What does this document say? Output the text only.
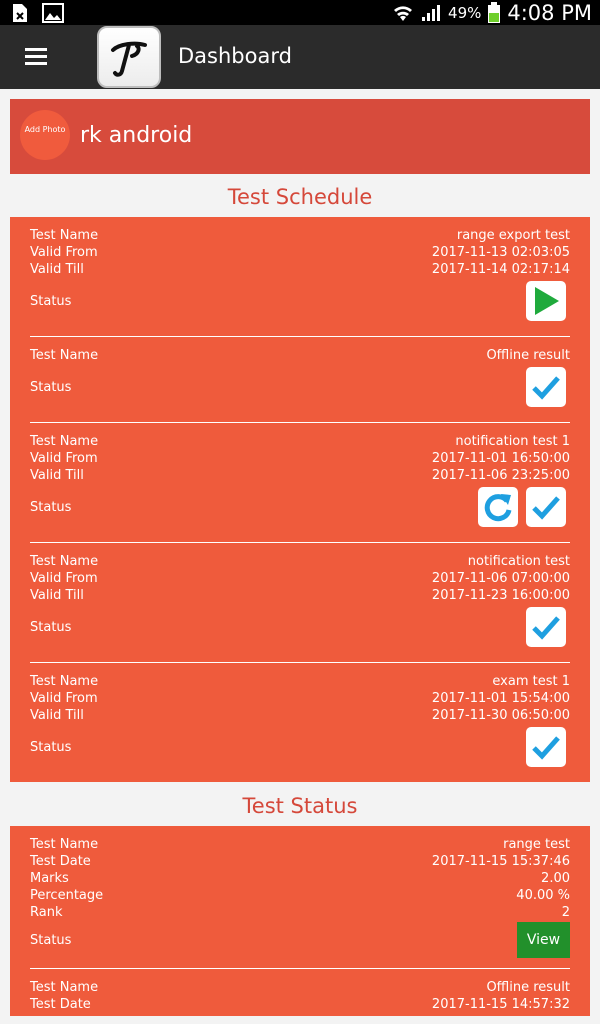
49% 4:08 PM
Dashboard
Add Photo rk android
Test Schedule
Test Name	range export test
Valid From	2017-11-13 02:03:05
Valid Till	2017-11-14 02:17:14
Status
Test Name	Offline result
Status
Test Name	notification test 1
Valid From	2017-11-01 16:50:00
Valid Till	2017-11-06 23:25:00
Status
Test Name	notification test
Valid From	2017-11-06 07:00:00
Valid Till	2017-11-23 16:00:00
Status
Test Name	exam test 1
Valid From	2017-11-01 15:54:00
Valid Till	2017-11-30 06:50:00
Status
Test Status
Test Name	range test
Test Date	2017-11-15 15:37:46
Marks	2.00
Percentage	40.00 %
Rank	2
Status	View
Test Name	Offline result
Test Date	2017-11-15 14:57:32
